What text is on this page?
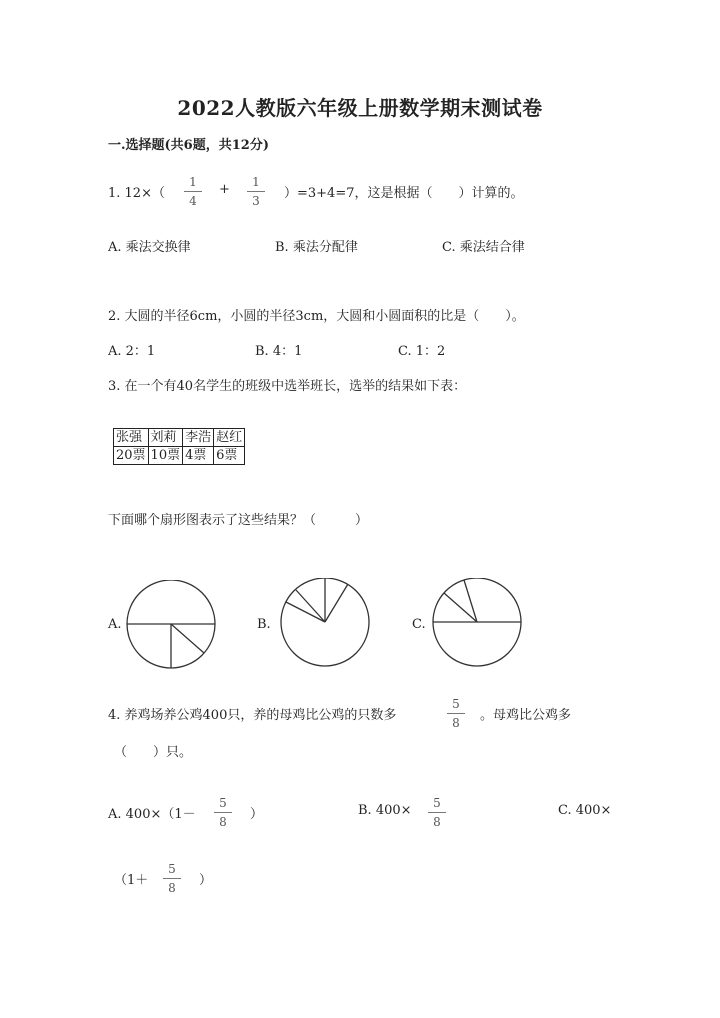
2022人教版六年级上册数学期末测试卷
一.选择题(共6题，共12分)
1. 12×（
1
4
+	1
3	）=3+4=7，这是根据（　　）计算的。
A. 乘法交换律	B. 乘法分配律	C. 乘法结合律
2. 大圆的半径6cm，小圆的半径3cm，大圆和小圆面积的比是（　　）。
A. 2：1	B. 4：1	C. 1：2
3. 在一个有40名学生的班级中选举班长，选举的结果如下表：
张强	刘莉	李浩	赵红
20票	10票	4票	6票
下面哪个扇形图表示了这些结果？（　　　）
A.	B.	C.
4. 养鸡场养公鸡400只，养的母鸡比公鸡的只数多
5
8	。母鸡比公鸡多
（　　）只。
A. 400×（1－
5
8	）	B. 400×	5
8
C. 400×
（1＋
5
8	）
